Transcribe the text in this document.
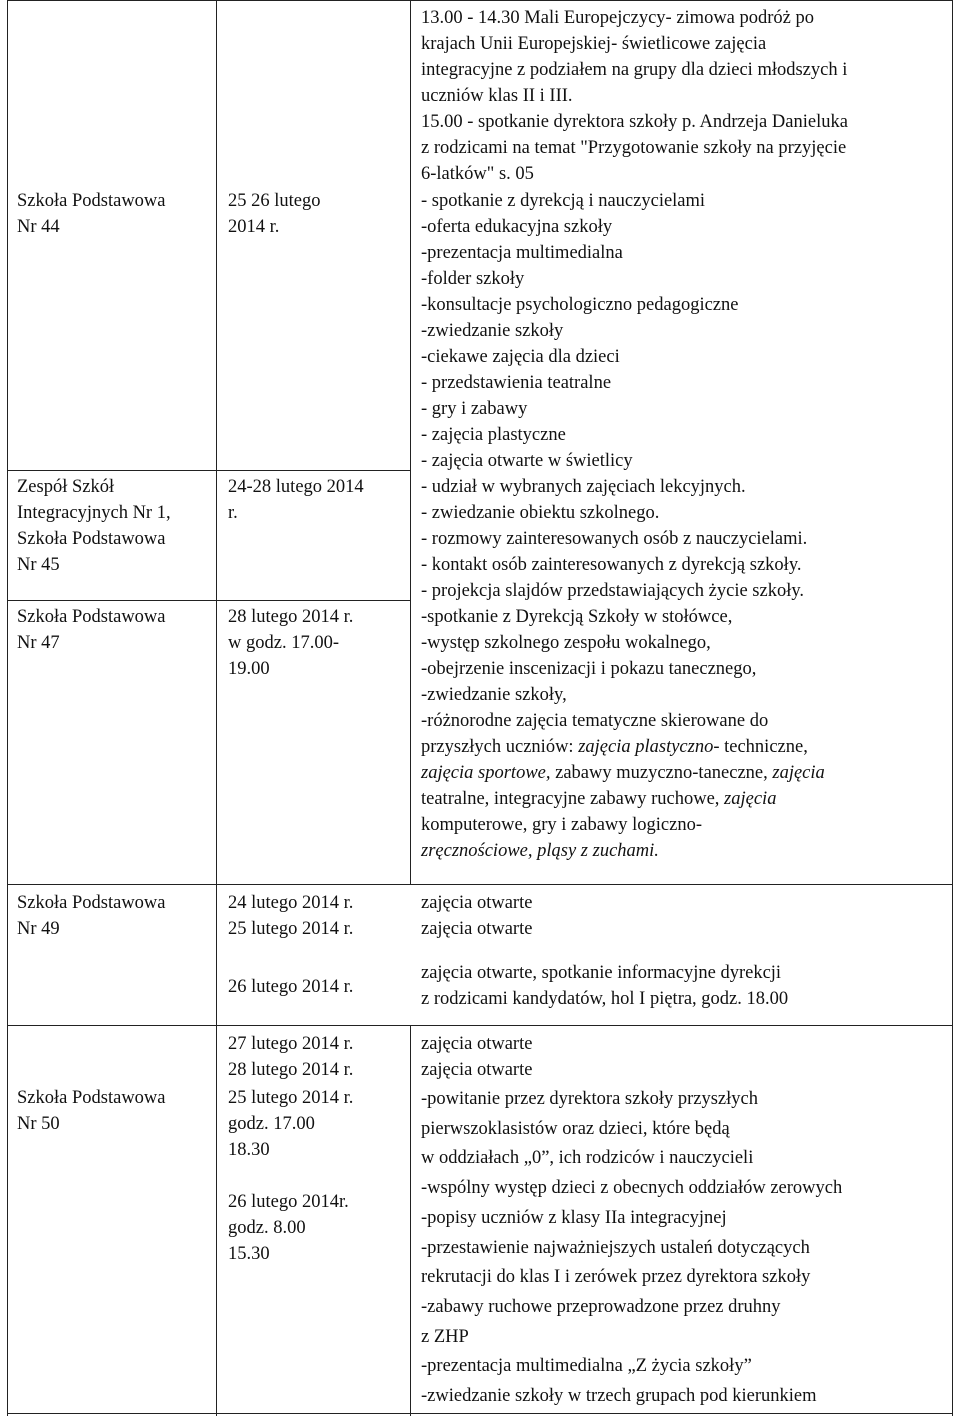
Szkoła Podstawowa
Nr 44
25 26 lutego
2014 r.
13.00 - 14.30 Mali Europejczycy- zimowa podróż po
krajach Unii Europejskiej- świetlicowe zajęcia
integracyjne z podziałem na grupy dla dzieci młodszych i
uczniów klas II i III.
15.00 - spotkanie dyrektora szkoły p. Andrzeja Danieluka
z rodzicami na temat "Przygotowanie szkoły na przyjęcie
6-latków" s. 05
Zespół Szkół
Integracyjnych Nr 1,
Szkoła Podstawowa
Nr 45
24-28 lutego 2014
r.
- spotkanie z dyrekcją i nauczycielami
-oferta edukacyjna szkoły
-prezentacja multimedialna
-folder szkoły
-konsultacje psychologiczno pedagogiczne
-zwiedzanie szkoły
-ciekawe zajęcia dla dzieci
- przedstawienia teatralne
- gry i zabawy
- zajęcia plastyczne
- zajęcia otwarte w świetlicy
- udział w wybranych zajęciach lekcyjnych.
- zwiedzanie obiektu szkolnego.
- rozmowy zainteresowanych osób z nauczycielami.
- kontakt osób zainteresowanych z dyrekcją szkoły.
- projekcja slajdów przedstawiających życie szkoły.
Szkoła Podstawowa
Nr 47
28 lutego 2014 r.
w godz. 17.00-
19.00
-spotkanie z Dyrekcją Szkoły w stołówce,
-występ szkolnego zespołu wokalnego,
-obejrzenie inscenizacji i pokazu tanecznego,
-zwiedzanie szkoły,
-różnorodne zajęcia tematyczne skierowane do
przyszłych uczniów: zajęcia plastyczno- techniczne,
zajęcia sportowe, zabawy muzyczno-taneczne, zajęcia
teatralne, integracyjne zabawy ruchowe, zajęcia
komputerowe, gry i zabawy logiczno-
zręcznościowe, pląsy z zuchami.
Szkoła Podstawowa
Nr 49
24 lutego 2014 r.
25 lutego 2014 r.
zajęcia otwarte
zajęcia otwarte
26 lutego 2014 r.
zajęcia otwarte, spotkanie informacyjne dyrekcji
z rodzicami kandydatów, hol I piętra, godz. 18.00
27 lutego 2014 r.
28 lutego 2014 r.
zajęcia otwarte
zajęcia otwarte
Szkoła Podstawowa
Nr 50
25 lutego 2014 r.
godz. 17.00
18.30

26 lutego 2014r.
godz. 8.00
15.30
-powitanie przez dyrektora szkoły przyszłych
pierwszoklasistów oraz dzieci, które będą
w oddziałach „0”, ich rodziców i nauczycieli
-wspólny występ dzieci z obecnych oddziałów zerowych
-popisy uczniów z klasy IIa integracyjnej
-przestawienie najważniejszych ustaleń dotyczących
rekrutacji do klas I i zerówek przez dyrektora szkoły
-zabawy ruchowe przeprowadzone przez druhny
z ZHP
-prezentacja multimedialna „Z życia szkoły”
-zwiedzanie szkoły w trzech grupach pod kierunkiem
